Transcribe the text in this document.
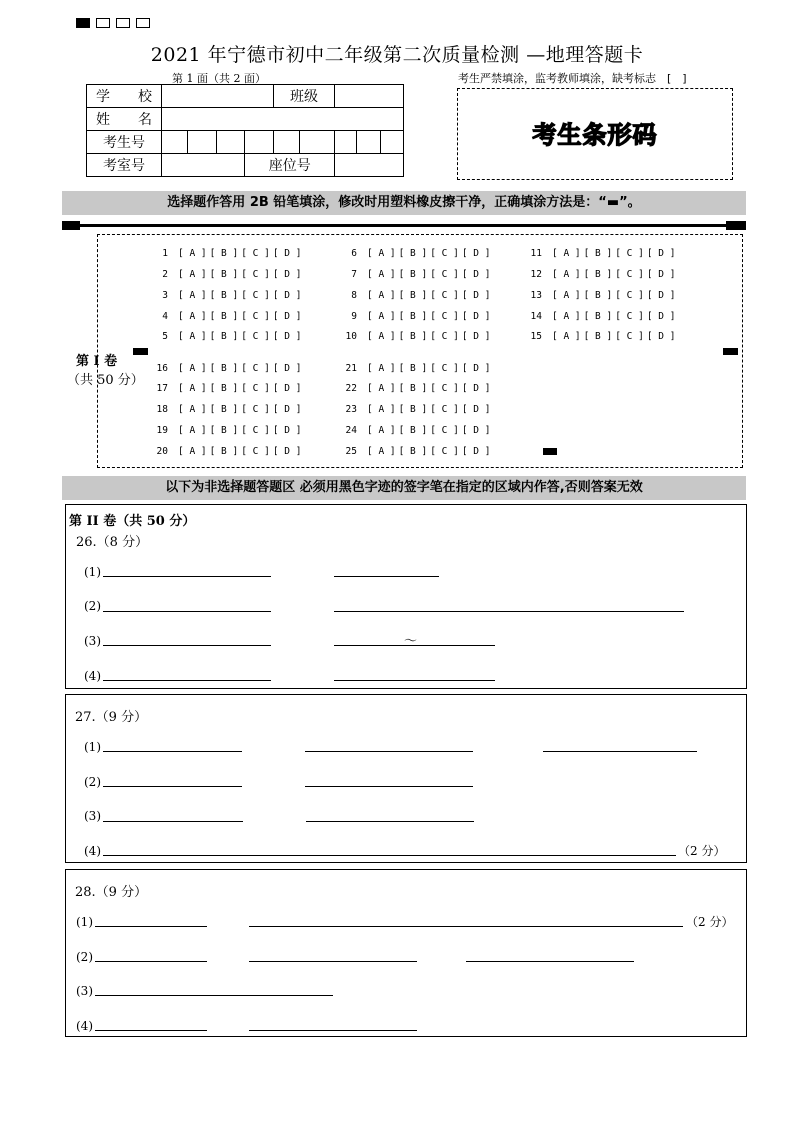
2021 年宁德市初中二年级第二次质量检测 —地理答题卡
第 1 面（共 2 面）	考生严禁填涂，监考教师填涂，缺考标志　[　]
学　　校					班级				
姓　　名									
考生号									
考室号				座位号					
考生条形码
选择题作答用 2B 铅笔填涂，修改时用塑料橡皮擦干净，正确填涂方法是：“▬”。
第 I 卷
（共 50 分）
1 [ A ] [ B ] [ C ] [ D ]
2 [ A ] [ B ] [ C ] [ D ]
3 [ A ] [ B ] [ C ] [ D ]
4 [ A ] [ B ] [ C ] [ D ]
5 [ A ] [ B ] [ C ] [ D ]
6 [ A ] [ B ] [ C ] [ D ]
7 [ A ] [ B ] [ C ] [ D ]
8 [ A ] [ B ] [ C ] [ D ]
9 [ A ] [ B ] [ C ] [ D ]
10 [ A ] [ B ] [ C ] [ D ]
11 [ A ] [ B ] [ C ] [ D ]
12 [ A ] [ B ] [ C ] [ D ]
13 [ A ] [ B ] [ C ] [ D ]
14 [ A ] [ B ] [ C ] [ D ]
15 [ A ] [ B ] [ C ] [ D ]
16 [ A ] [ B ] [ C ] [ D ]
17 [ A ] [ B ] [ C ] [ D ]
18 [ A ] [ B ] [ C ] [ D ]
19 [ A ] [ B ] [ C ] [ D ]
20 [ A ] [ B ] [ C ] [ D ]
21 [ A ] [ B ] [ C ] [ D ]
22 [ A ] [ B ] [ C ] [ D ]
23 [ A ] [ B ] [ C ] [ D ]
24 [ A ] [ B ] [ C ] [ D ]
25 [ A ] [ B ] [ C ] [ D ]
以下为非选择题答题区 必须用黑色字迹的签字笔在指定的区域内作答,否则答案无效
第 II 卷（共 50 分）
26.（8 分）
(1)
(2)
(3)	～
(4)
27.（9 分）
(1)
(2)
(3)
(4)	（2 分）
28.（9 分）
(1)	（2 分）
(2)
(3)
(4)
